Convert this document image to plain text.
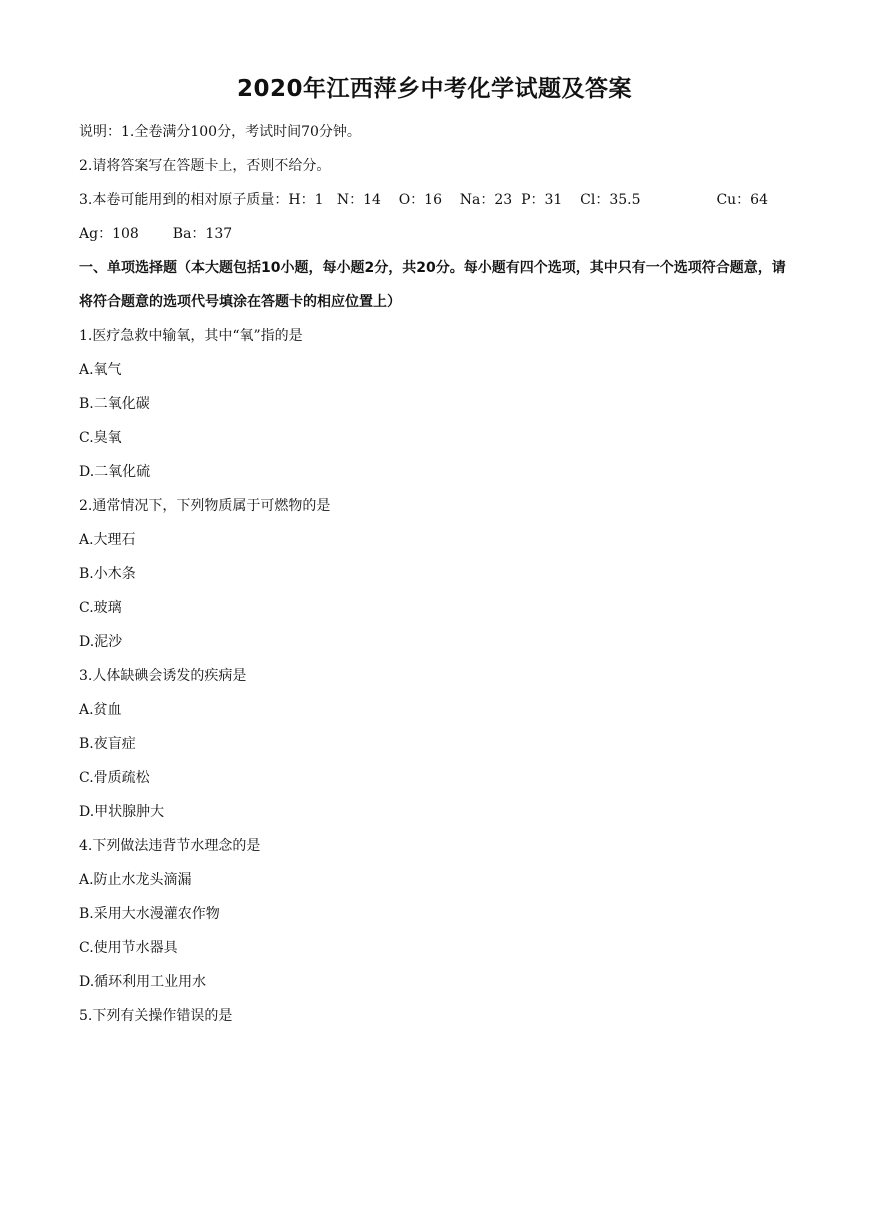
2020年江西萍乡中考化学试题及答案
说明：1.全卷满分100分，考试时间70分钟。
2.请将答案写在答题卡上，否则不给分。
3.本卷可能用到的相对原子质量：H：1   N：14    O：16    Na：23  P：31    Cl：35.5	Cu：64
Ag：108 Ba：137
一、单项选择题（本大题包括10小题，每小题2分，共20分。每小题有四个选项，其中只有一个选项符合题意，请将符合题意的选项代号填涂在答题卡的相应位置上）
1.医疗急救中输氧，其中“氧”指的是
A.氧气
B.二氧化碳
C.臭氧
D.二氧化硫
2.通常情况下，下列物质属于可燃物的是
A.大理石
B.小木条
C.玻璃
D.泥沙
3.人体缺碘会诱发的疾病是
A.贫血
B.夜盲症
C.骨质疏松
D.甲状腺肿大
4.下列做法违背节水理念的是
A.防止水龙头滴漏
B.采用大水漫灌农作物
C.使用节水器具
D.循环利用工业用水
5.下列有关操作错误的是
